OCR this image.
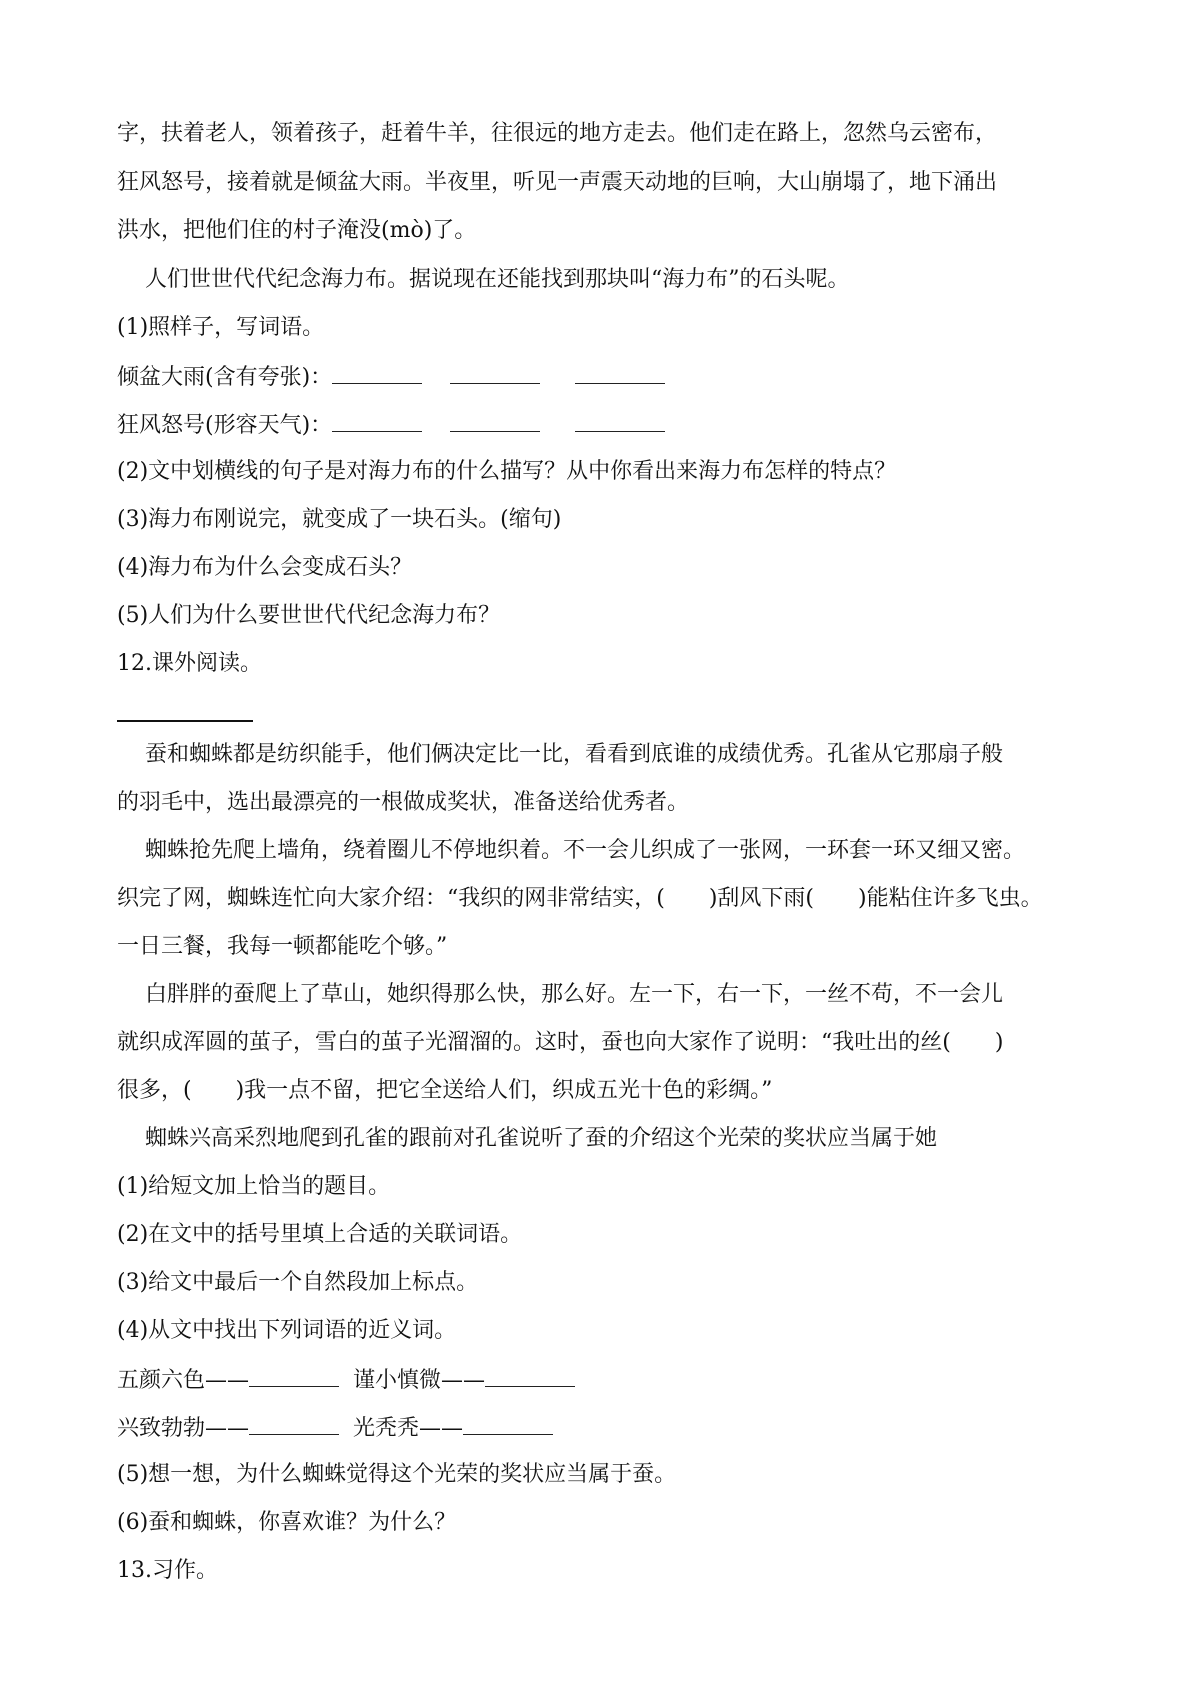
字，扶着老人，领着孩子，赶着牛羊，往很远的地方走去。他们走在路上，忽然乌云密布，
狂风怒号，接着就是倾盆大雨。半夜里，听见一声震天动地的巨响，大山崩塌了，地下涌出
洪水，把他们住的村子淹没(mò)了。
人们世世代代纪念海力布。据说现在还能找到那块叫“海力布”的石头呢。
(1)照样子，写词语。
倾盆大雨(含有夸张)：
狂风怒号(形容天气)：
(2)文中划横线的句子是对海力布的什么描写？从中你看出来海力布怎样的特点？
(3)海力布刚说完，就变成了一块石头。(缩句)
(4)海力布为什么会变成石头？
(5)人们为什么要世世代代纪念海力布？
12.课外阅读。
蚕和蜘蛛都是纺织能手，他们俩决定比一比，看看到底谁的成绩优秀。孔雀从它那扇子般
的羽毛中，选出最漂亮的一根做成奖状，准备送给优秀者。
蜘蛛抢先爬上墙角，绕着圈儿不停地织着。不一会儿织成了一张网，一环套一环又细又密。
织完了网，蜘蛛连忙向大家介绍：“我织的网非常结实，(　　)刮风下雨(　　)能粘住许多飞虫。
一日三餐，我每一顿都能吃个够。”
白胖胖的蚕爬上了草山，她织得那么快，那么好。左一下，右一下，一丝不苟，不一会儿
就织成浑圆的茧子，雪白的茧子光溜溜的。这时，蚕也向大家作了说明：“我吐出的丝(　　)
很多，(　　)我一点不留，把它全送给人们，织成五光十色的彩绸。”
蜘蛛兴高采烈地爬到孔雀的跟前对孔雀说听了蚕的介绍这个光荣的奖状应当属于她
(1)给短文加上恰当的题目。
(2)在文中的括号里填上合适的关联词语。
(3)给文中最后一个自然段加上标点。
(4)从文中找出下列词语的近义词。
五颜六色——	谨小慎微——
兴致勃勃——	光秃秃——
(5)想一想，为什么蜘蛛觉得这个光荣的奖状应当属于蚕。
(6)蚕和蜘蛛，你喜欢谁？为什么？
13.习作。
